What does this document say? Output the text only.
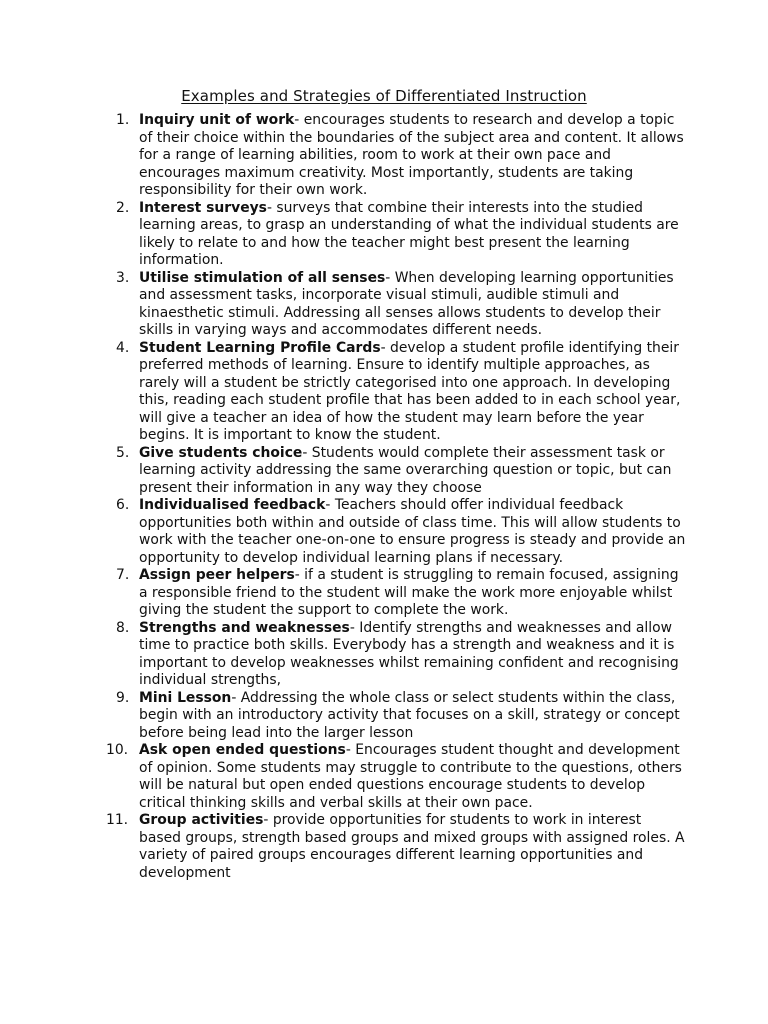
Examples and Strategies of Differentiated Instruction
1. Inquiry unit of work- encourages students to research and develop a topic of their choice within the boundaries of the subject area and content. It allows for a range of learning abilities, room to work at their own pace and encourages maximum creativity. Most importantly, students are taking responsibility for their own work.
2. Interest surveys- surveys that combine their interests into the studied learning areas, to grasp an understanding of what the individual students are likely to relate to and how the teacher might best present the learning information.
3. Utilise stimulation of all senses- When developing learning opportunities and assessment tasks, incorporate visual stimuli, audible stimuli and kinaesthetic stimuli. Addressing all senses allows students to develop their skills in varying ways and accommodates different needs.
4. Student Learning Profile Cards- develop a student profile identifying their preferred methods of learning. Ensure to identify multiple approaches, as rarely will a student be strictly categorised into one approach. In developing this, reading each student profile that has been added to in each school year, will give a teacher an idea of how the student may learn before the year begins. It is important to know the student.
5. Give students choice- Students would complete their assessment task or learning activity addressing the same overarching question or topic, but can present their information in any way they choose
6. Individualised feedback- Teachers should offer individual feedback opportunities both within and outside of class time. This will allow students to work with the teacher one-on-one to ensure progress is steady and provide an opportunity to develop individual learning plans if necessary.
7. Assign peer helpers- if a student is struggling to remain focused, assigning a responsible friend to the student will make the work more enjoyable whilst giving the student the support to complete the work.
8. Strengths and weaknesses- Identify strengths and weaknesses and allow time to practice both skills. Everybody has a strength and weakness and it is important to develop weaknesses whilst remaining confident and recognising individual strengths,
9. Mini Lesson- Addressing the whole class or select students within the class, begin with an introductory activity that focuses on a skill, strategy or concept before being lead into the larger lesson
10. Ask open ended questions- Encourages student thought and development of opinion. Some students may struggle to contribute to the questions, others will be natural but open ended questions encourage students to develop critical thinking skills and verbal skills at their own pace.
11. Group activities- provide opportunities for students to work in interest based groups, strength based groups and mixed groups with assigned roles. A variety of paired groups encourages different learning opportunities and development
